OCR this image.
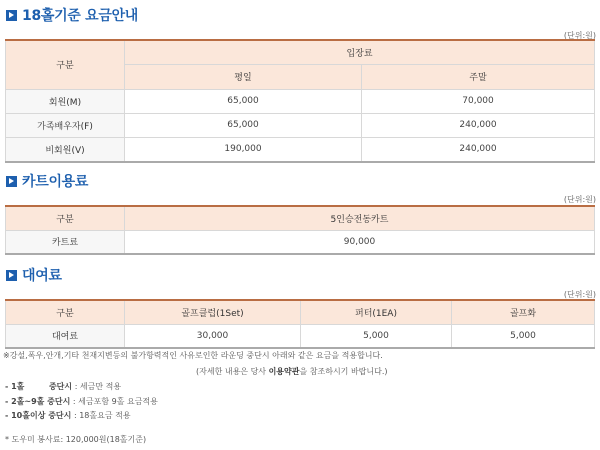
18홀기준 요금안내
(단위:원)
구분	입장료	
	평일	주말
회원(M)	65,000	70,000
가족배우자(F)	65,000	240,000
비회원(V)	190,000	240,000
카트이용료
(단위:원)
구분	5인승전동카트
카트료	90,000
대여료
(단위:원)
구분	골프클럽(1Set)	퍼터(1EA)	골프화
대여료	30,000	5,000	5,000
※강설,폭우,안개,기타 천재지변등의 불가항력적인 사유로인한 라운딩 중단시 아래와 같은 요금을 적용합니다.
(자세한 내용은 당사 이용약관을 참조하시기 바랍니다.)
- 1홀	중단시 : 세금만 적용
- 2홀~9홀 중단시 : 세금포함 9홀 요금적용
- 10홀이상 중단시 : 18홀요금 적용
* 도우미 봉사료: 120,000원(18홀기준)
